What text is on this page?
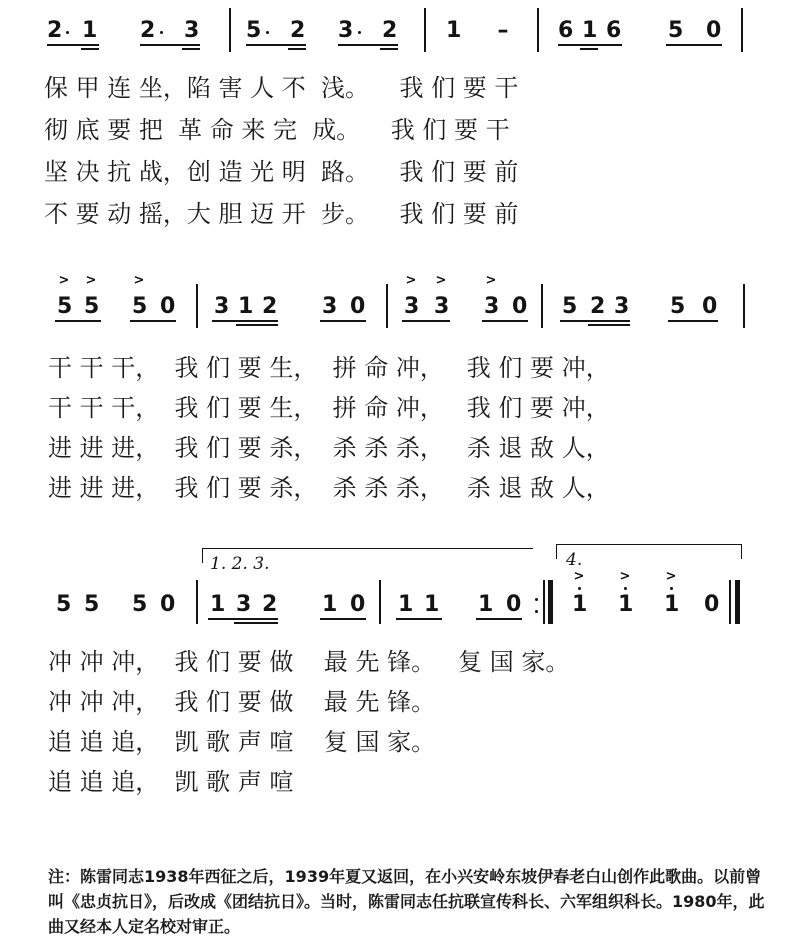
2 1 2 3 5 2 3 2 1 – 6 1 6 5 0
保 甲 连 坐，陷 害 人 不  浅。    我 们 要 干
彻 底 要 把  革 命 来 完  成。    我 们 要 干
坚 决 抗 战，创 造 光 明  路。    我 们 要 前
不 要 动 摇，大 胆 迈 开  步。    我 们 要 前
> >	>
5 5 5 0 3 1 2 3 0
> >	>
3 3 3 0 5 2 3 5 0
干 干 干，  我 们 要 生，  拼 命 冲，   我 们 要 冲，
干 干 干，  我 们 要 生，  拼 命 冲，   我 们 要 冲，
进 进 进，  我 们 要 杀，  杀 杀 杀，   杀 退 敌 人，
进 进 进，  我 们 要 杀，  杀 杀 杀，   杀 退 敌 人，
1. 2. 3.	4.
5 5 5 0 1 3 2 1 0 1 1 1 0
>	>	>
1 1 1 0
冲 冲 冲，  我 们 要 做    最 先 锋。   复 国 家。
冲 冲 冲，  我 们 要 做    最 先 锋。
追 追 追，  凯 歌 声 喧    复 国 家。
追 追 追，  凯 歌 声 喧
注：陈雷同志1938年西征之后，1939年夏又返回，在小兴安岭东坡伊春老白山创作此歌曲。以前曾叫《忠贞抗日》，后改成《团结抗日》。当时，陈雷同志任抗联宣传科长、六军组织科长。1980年，此曲又经本人定名校对审正。
